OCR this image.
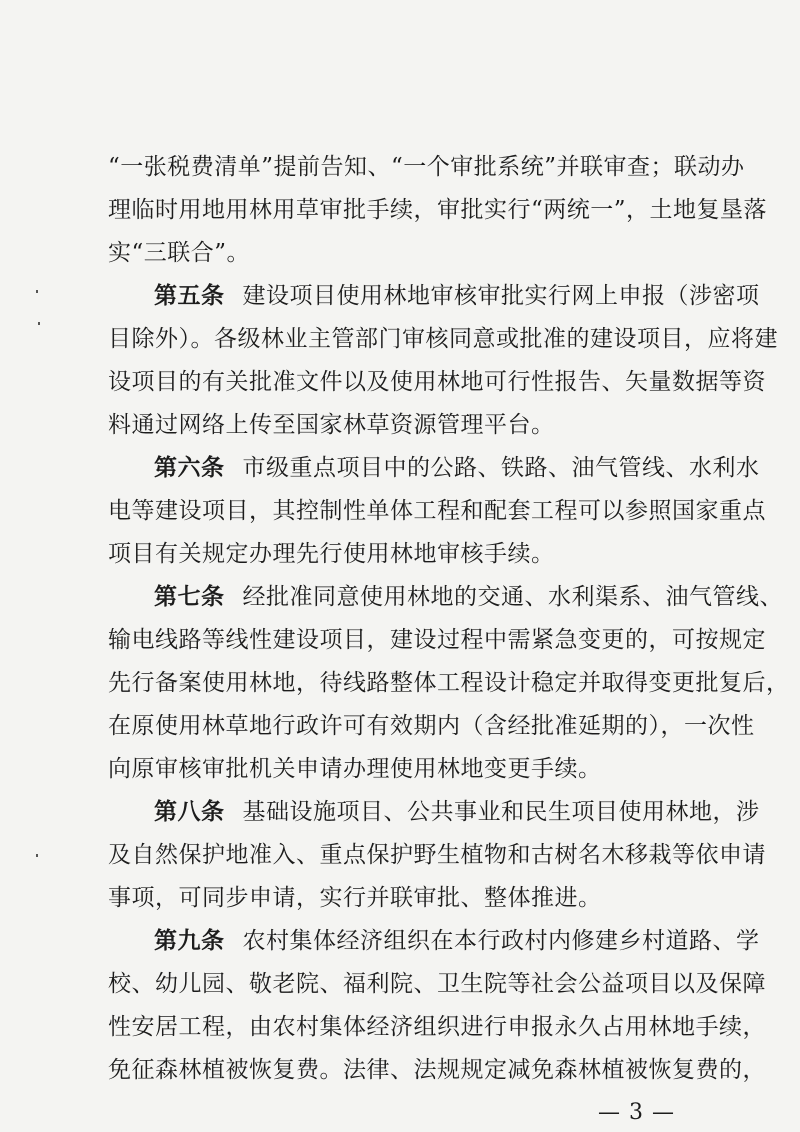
“一张税费清单”提前告知、“一个审批系统”并联审查；联动办
理临时用地用林用草审批手续，审批实行“两统一”，土地复垦落
实“三联合”。
第五条 建设项目使用林地审核审批实行网上申报（涉密项
目除外）。各级林业主管部门审核同意或批准的建设项目，应将建
设项目的有关批准文件以及使用林地可行性报告、矢量数据等资
料通过网络上传至国家林草资源管理平台。
第六条 市级重点项目中的公路、铁路、油气管线、水利水
电等建设项目，其控制性单体工程和配套工程可以参照国家重点
项目有关规定办理先行使用林地审核手续。
第七条 经批准同意使用林地的交通、水利渠系、油气管线、
输电线路等线性建设项目，建设过程中需紧急变更的，可按规定
先行备案使用林地，待线路整体工程设计稳定并取得变更批复后，
在原使用林草地行政许可有效期内（含经批准延期的），一次性
向原审核审批机关申请办理使用林地变更手续。
第八条 基础设施项目、公共事业和民生项目使用林地，涉
及自然保护地准入、重点保护野生植物和古树名木移栽等依申请
事项，可同步申请，实行并联审批、整体推进。
第九条 农村集体经济组织在本行政村内修建乡村道路、学
校、幼儿园、敬老院、福利院、卫生院等社会公益项目以及保障
性安居工程，由农村集体经济组织进行申报永久占用林地手续，
免征森林植被恢复费。法律、法规规定减免森林植被恢复费的，
— 3 —
